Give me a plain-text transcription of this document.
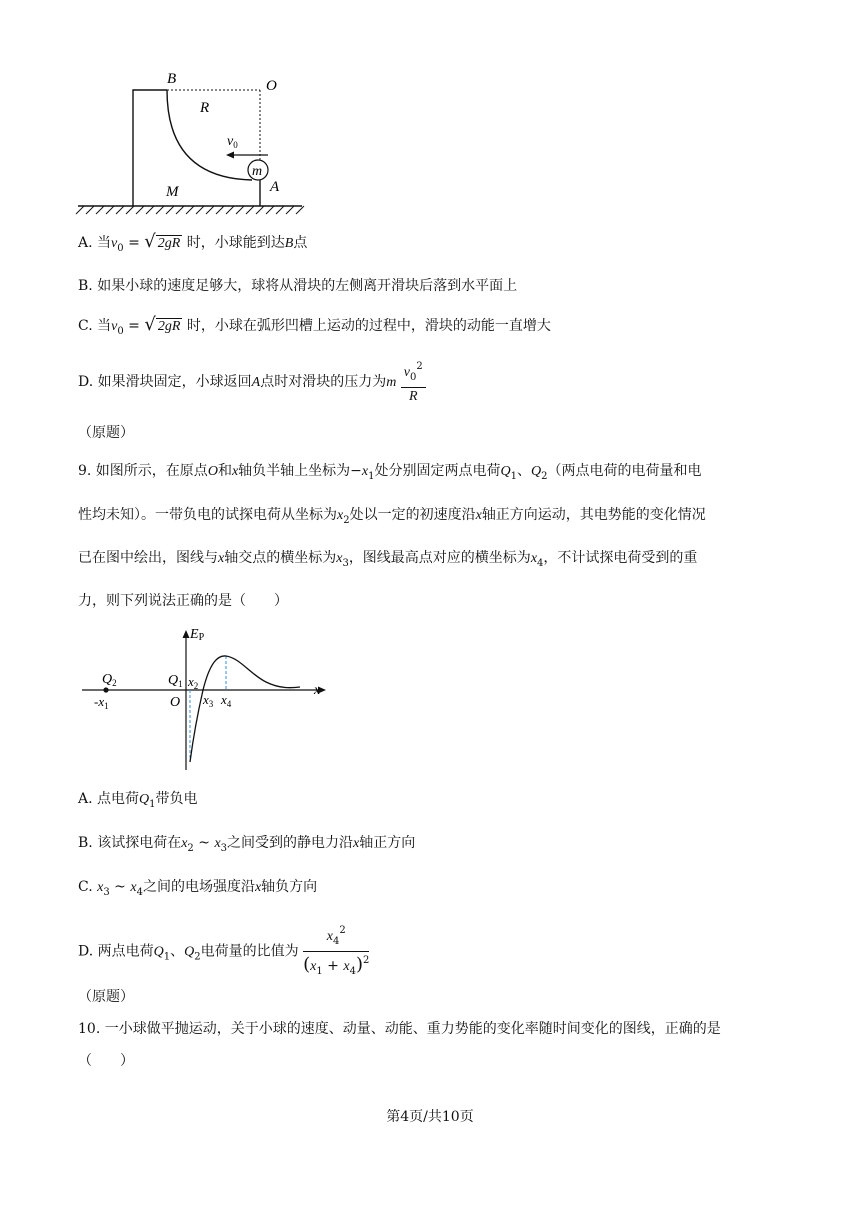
B	O
R
$v_0$
m
A
M
A. 当$v_0$ = √ 2gR 时，小球能到达B点
B. 如果小球的速度足够大，球将从滑块的左侧离开滑块后落到水平面上
C. 当$v_0$ = √ 2gR 时，小球在弧形凹槽上运动的过程中，滑块的动能一直增大
D. 如果滑块固定，小球返回A点时对滑块的压力为m $\frac{v_0^2}{R}$
（原题）
9. 如图所示，在原点O和x轴负半轴上坐标为$-x_1$处分别固定两点电荷$Q_1$、$Q_2$（两点电荷的电荷量和电
性均未知）。一带负电的试探电荷从坐标为$x_2$处以一定的初速度沿x轴正方向运动，其电势能的变化情况
已在图中绘出，图线与x轴交点的横坐标为$x_3$，图线最高点对应的横坐标为$x_4$，不计试探电荷受到的重
力，则下列说法正确的是（　　）
EP
$Q_2$
$-x_1$
$Q_1$ $x_2$
O $x_3$ $x_4$
x
A. 点电荷$Q_1$带负电
B. 该试探电荷在$x_2$ ~ $x_3$之间受到的静电力沿x轴正方向
C. $x_3$ ~ $x_4$之间的电场强度沿x轴负方向
D. 两点电荷$Q_1$、$Q_2$电荷量的比值为 $\frac{x_4^2}{(x_1 + x_4)^2}$
（原题）
10. 一小球做平抛运动，关于小球的速度、动量、动能、重力势能的变化率随时间变化的图线，正确的是
（　　）
第4页/共10页
